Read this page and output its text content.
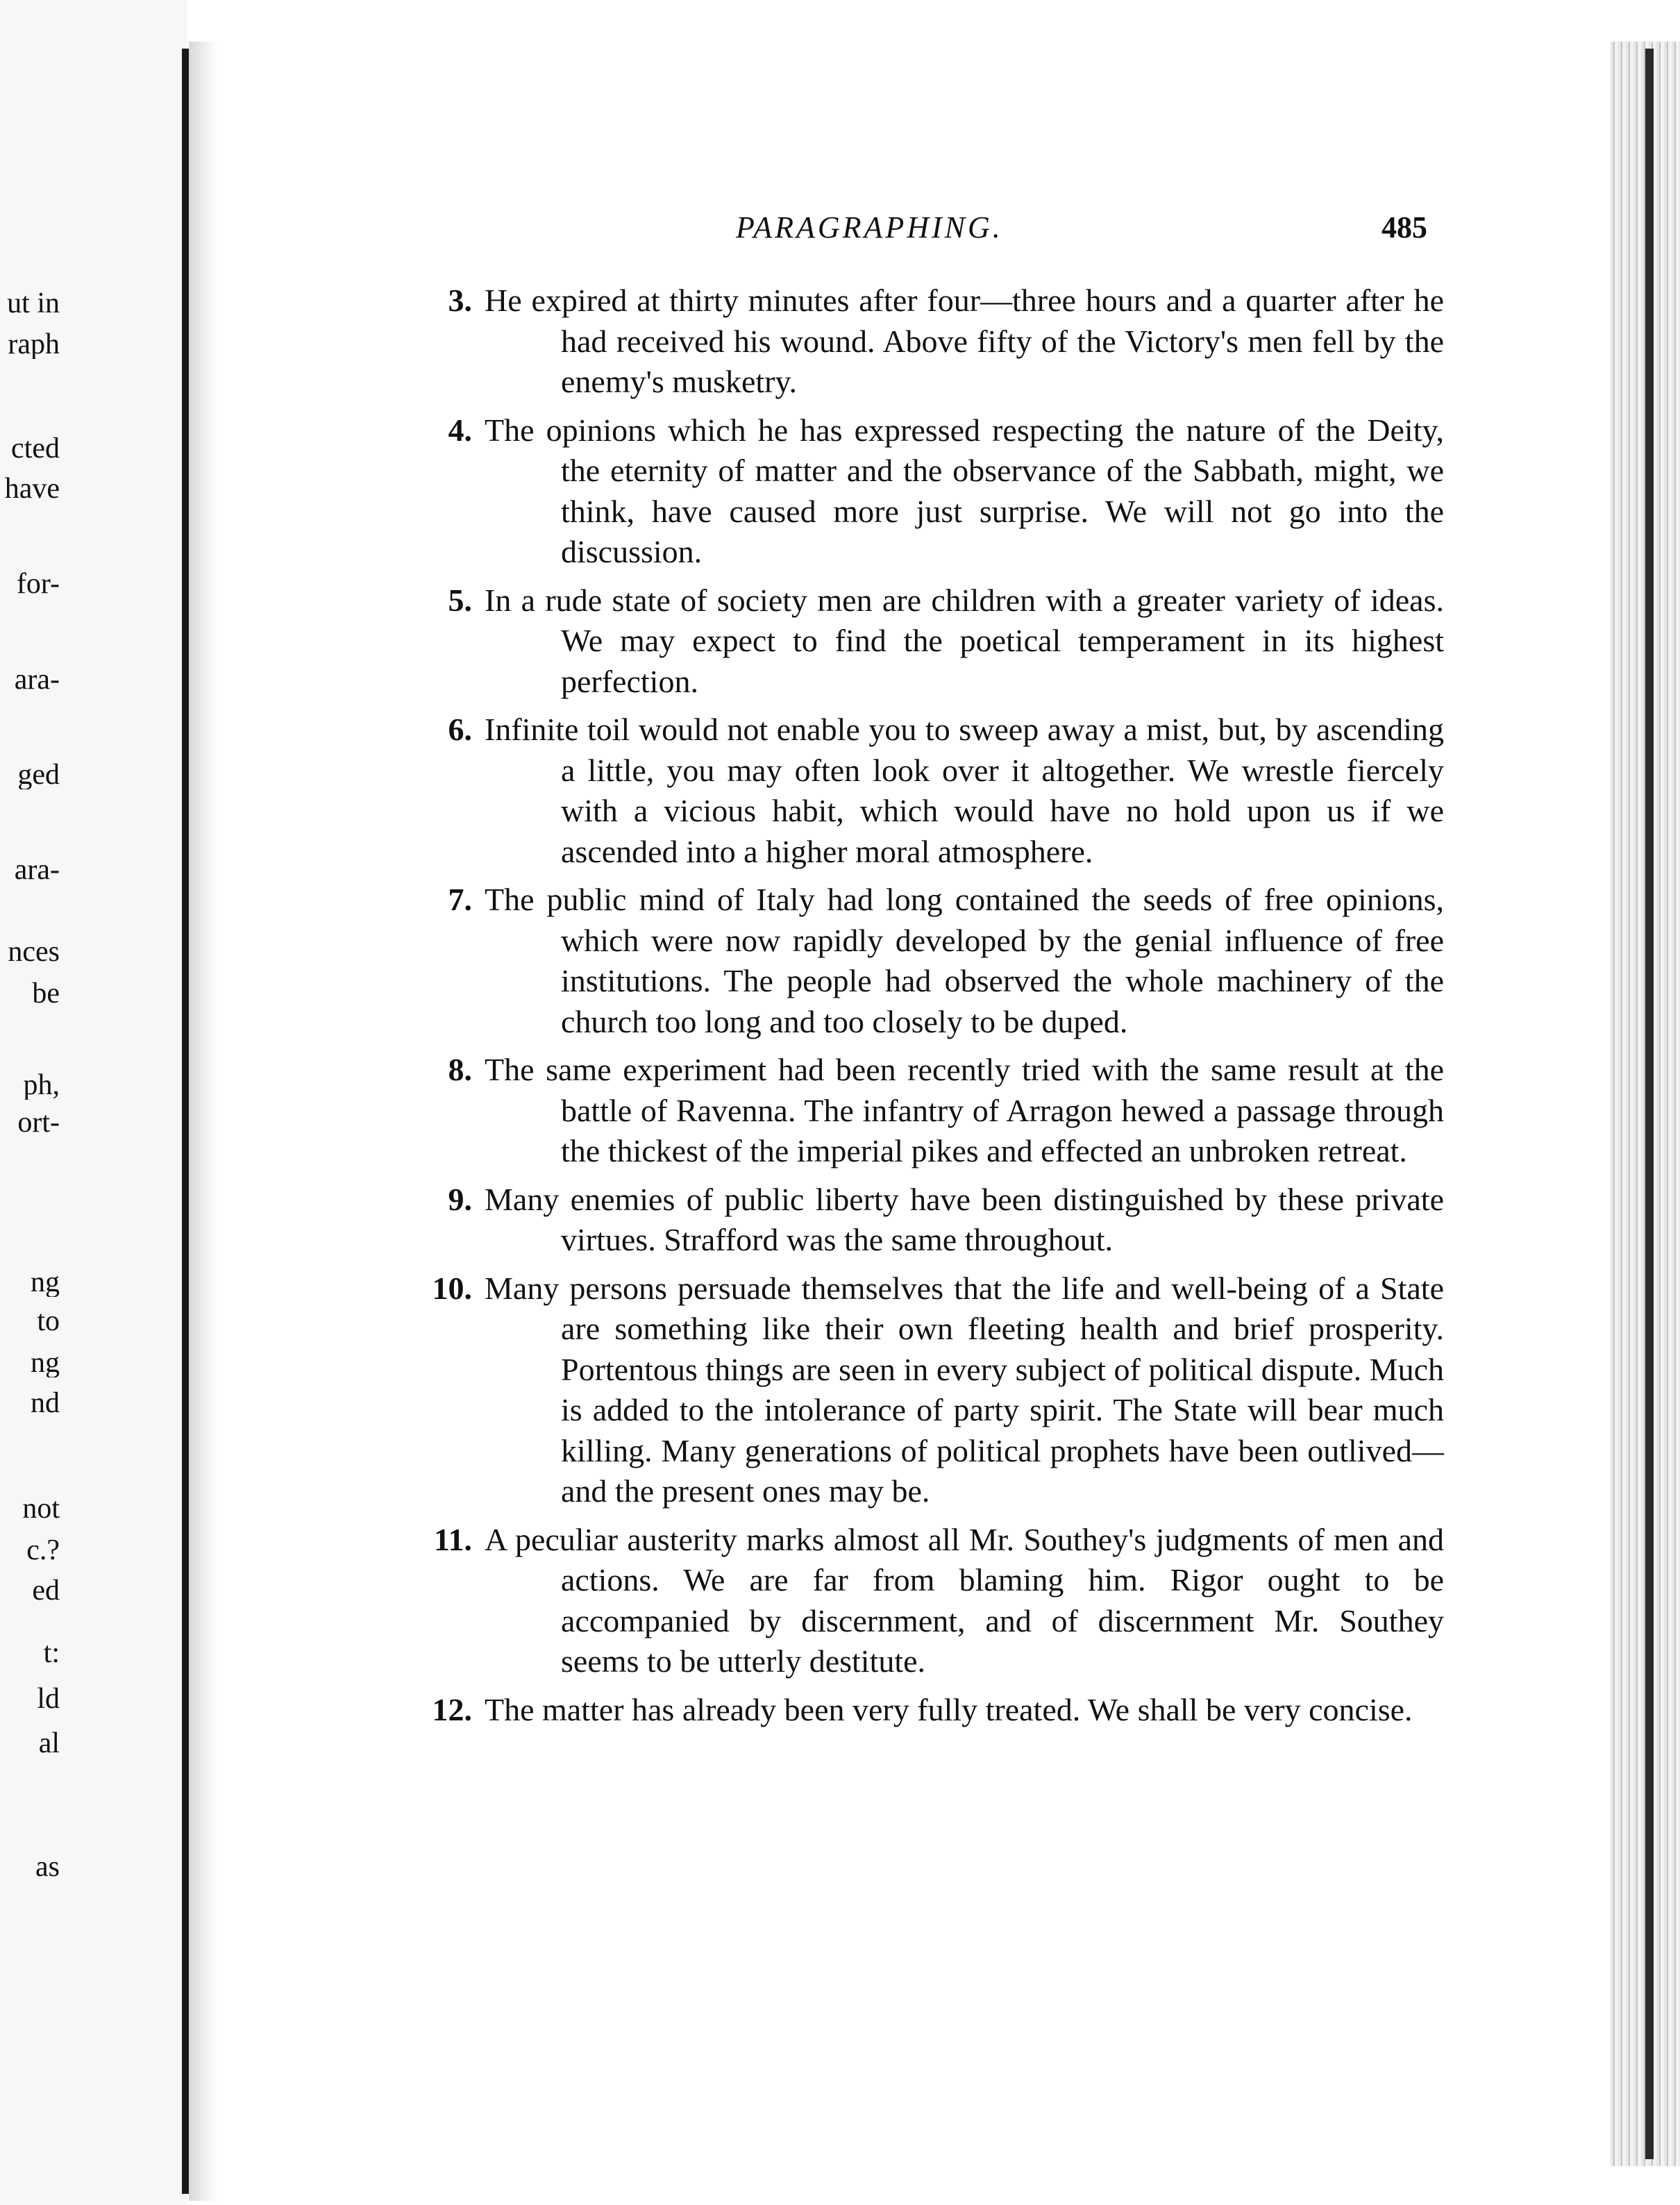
ut in
raph
cted
have
for-
ara-
ged
ara-
nces
be
ph,
ort-
ng
to
ng
nd
not
c.?
ed
t:
ld
al
as
PARAGRAPHING.	485
3. He expired at thirty minutes after four—three hours and a quarter after he had received his wound. Above fifty of the Victory's men fell by the enemy's musketry.
4. The opinions which he has expressed respecting the nature of the Deity, the eternity of matter and the observance of the Sabbath, might, we think, have caused more just surprise. We will not go into the discussion.
5. In a rude state of society men are children with a greater variety of ideas. We may expect to find the poetical temperament in its highest perfection.
6. Infinite toil would not enable you to sweep away a mist, but, by ascending a little, you may often look over it altogether. We wrestle fiercely with a vicious habit, which would have no hold upon us if we ascended into a higher moral atmosphere.
7. The public mind of Italy had long contained the seeds of free opinions, which were now rapidly developed by the genial influence of free institutions. The people had observed the whole machinery of the church too long and too closely to be duped.
8. The same experiment had been recently tried with the same result at the battle of Ravenna. The infantry of Arragon hewed a passage through the thickest of the imperial pikes and effected an unbroken retreat.
9. Many enemies of public liberty have been distinguished by these private virtues. Strafford was the same throughout.
10. Many persons persuade themselves that the life and well-being of a State are something like their own fleeting health and brief prosperity. Portentous things are seen in every subject of political dispute. Much is added to the intolerance of party spirit. The State will bear much killing. Many generations of political prophets have been outlived—and the present ones may be.
11. A peculiar austerity marks almost all Mr. Southey's judgments of men and actions. We are far from blaming him. Rigor ought to be accompanied by discernment, and of discernment Mr. Southey seems to be utterly destitute.
12. The matter has already been very fully treated. We shall be very concise.
